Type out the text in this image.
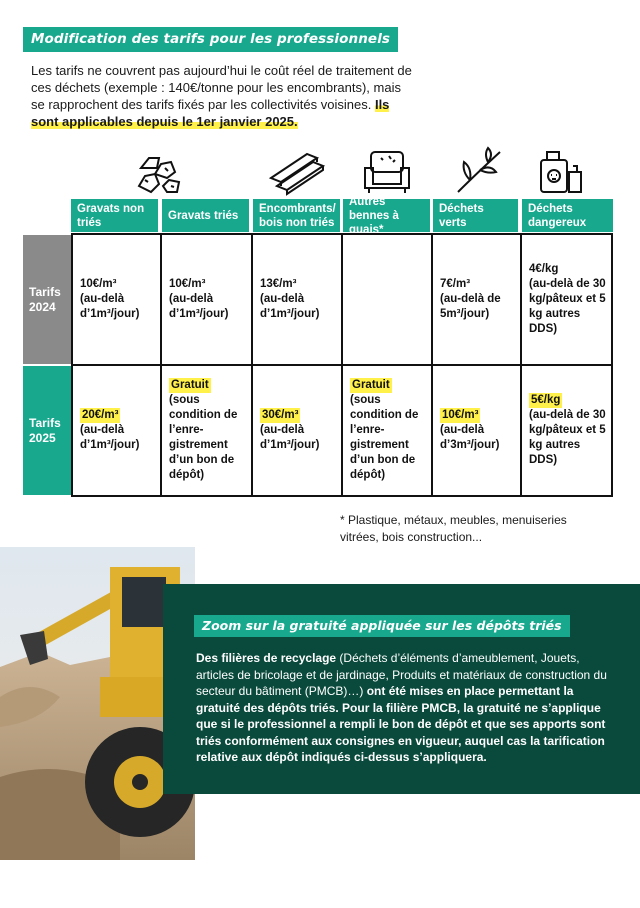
Modification des tarifs pour les professionnels
Les tarifs ne couvrent pas aujourd’hui le coût réel de traitement de ces déchets (exemple : 140€/tonne pour les encombrants), mais se rapprochent des tarifs fixés par les collectivités voisines. Ils sont applicables depuis le 1er janvier 2025.
Gravats non triés
Gravats triés
Encombrants/ bois non triés
Autres bennes à quais*
Déchets verts
Déchets dangereux
Tarifs 2024
Tarifs 2025
10€/m³
(au-delà d’1m³/jour)
10€/m³
(au-delà d’1m³/jour)
13€/m³
(au-delà d’1m³/jour)
7€/m³
(au-delà de 5m³/jour)
4€/kg
(au-delà de 30 kg/pâteux et 5 kg autres DDS)
20€/m³
(au-delà d’1m³/jour)
Gratuit
(sous condition de l’enre-gistrement d’un bon de dépôt)
30€/m³
(au-delà d’1m³/jour)
Gratuit
(sous condition de l’enre-gistrement d’un bon de dépôt)
10€/m³
(au-delà d’3m³/jour)
5€/kg
(au-delà de 30 kg/pâteux et 5 kg autres DDS)
* Plastique, métaux, meubles, menuiseries vitrées, bois construction...
Zoom sur la gratuité appliquée sur les dépôts triés
Des filières de recyclage (Déchets d’éléments d’ameublement, Jouets, articles de bricolage et de jardinage, Produits et matériaux de construction du secteur du bâtiment (PMCB)…) ont été mises en place permettant la gratuité des dépôts triés. Pour la filière PMCB, la gratuité ne s’applique que si le professionnel a rempli le bon de dépôt et que ses apports sont triés conformément aux consignes en vigueur, auquel cas la tarification relative aux dépôt indiqués ci-dessus s’appliquera.
